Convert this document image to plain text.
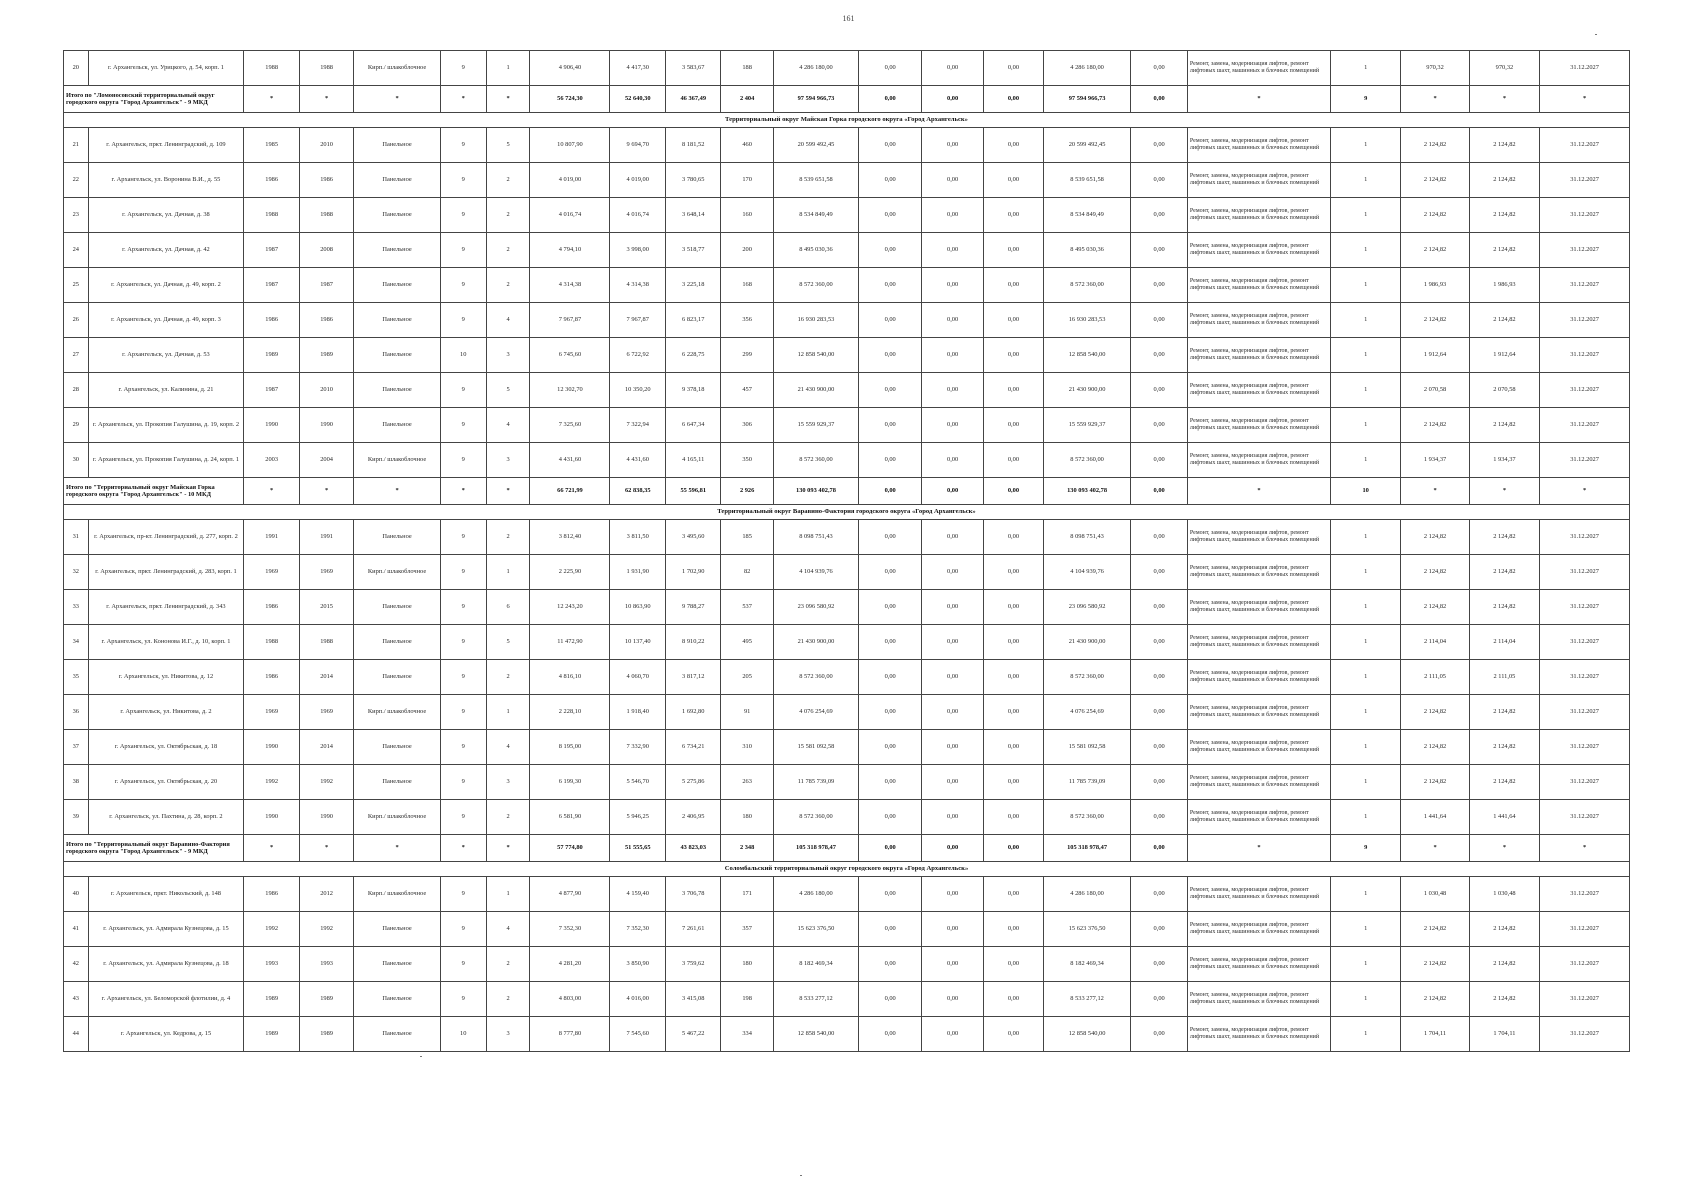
161
20	г. Архангельск, ул. Урицкого, д. 54, корп. 1	1988	1988	Кирп./ шлакоблочное	9	1	4 906,40	4 417,30	3 583,67	188	4 286 180,00	0,00	0,00	0,00	4 286 180,00	0,00	Ремонт, замена, модернизация лифтов, ремонт лифтовых шахт, машинных и блочных помещений	1	970,32	970,32	31.12.2027
Итого по "Ломоносовский территориальный округ городского округа "Город Архангельск" - 9 МКД		*	*	*	*	*	56 724,30	52 640,30	46 367,49	2 404	97 594 966,73	0,00	0,00	0,00	97 594 966,73	0,00	*	9	*	*	*
Территориальный округ Майская Горка городского округа «Город Архангельск»																					
21	г. Архангельск, пркт. Ленинградский, д. 109	1985	2010	Панельное	9	5	10 807,90	9 694,70	8 181,52	460	20 599 492,45	0,00	0,00	0,00	20 599 492,45	0,00	Ремонт, замена, модернизация лифтов, ремонт лифтовых шахт, машинных и блочных помещений	1	2 124,82	2 124,82	31.12.2027
22	г. Архангельск, ул. Воронина В.И., д. 55	1986	1986	Панельное	9	2	4 019,00	4 019,00	3 780,65	170	8 539 651,58	0,00	0,00	0,00	8 539 651,58	0,00	Ремонт, замена, модернизация лифтов, ремонт лифтовых шахт, машинных и блочных помещений	1	2 124,82	2 124,82	31.12.2027
23	г. Архангельск, ул. Дачная, д. 38	1988	1988	Панельное	9	2	4 016,74	4 016,74	3 648,14	160	8 534 849,49	0,00	0,00	0,00	8 534 849,49	0,00	Ремонт, замена, модернизация лифтов, ремонт лифтовых шахт, машинных и блочных помещений	1	2 124,82	2 124,82	31.12.2027
24	г. Архангельск, ул. Дачная, д. 42	1987	2008	Панельное	9	2	4 794,10	3 998,00	3 518,77	200	8 495 030,36	0,00	0,00	0,00	8 495 030,36	0,00	Ремонт, замена, модернизация лифтов, ремонт лифтовых шахт, машинных и блочных помещений	1	2 124,82	2 124,82	31.12.2027
25	г. Архангельск, ул. Дачная, д. 49, корп. 2	1987	1987	Панельное	9	2	4 314,38	4 314,38	3 225,18	168	8 572 360,00	0,00	0,00	0,00	8 572 360,00	0,00	Ремонт, замена, модернизация лифтов, ремонт лифтовых шахт, машинных и блочных помещений	1	1 986,93	1 986,93	31.12.2027
26	г. Архангельск, ул. Дачная, д. 49, корп. 3	1986	1986	Панельное	9	4	7 967,87	7 967,87	6 823,17	356	16 930 283,53	0,00	0,00	0,00	16 930 283,53	0,00	Ремонт, замена, модернизация лифтов, ремонт лифтовых шахт, машинных и блочных помещений	1	2 124,82	2 124,82	31.12.2027
27	г. Архангельск, ул. Дачная, д. 53	1989	1989	Панельное	10	3	6 745,60	6 722,92	6 228,75	299	12 858 540,00	0,00	0,00	0,00	12 858 540,00	0,00	Ремонт, замена, модернизация лифтов, ремонт лифтовых шахт, машинных и блочных помещений	1	1 912,64	1 912,64	31.12.2027
28	г. Архангельск, ул. Калинина, д. 21	1987	2010	Панельное	9	5	12 302,70	10 350,20	9 378,18	457	21 430 900,00	0,00	0,00	0,00	21 430 900,00	0,00	Ремонт, замена, модернизация лифтов, ремонт лифтовых шахт, машинных и блочных помещений	1	2 070,58	2 070,58	31.12.2027
29	г. Архангельск, ул. Прокопия Галушина, д. 19, корп. 2	1990	1990	Панельное	9	4	7 325,60	7 322,94	6 647,34	306	15 559 929,37	0,00	0,00	0,00	15 559 929,37	0,00	Ремонт, замена, модернизация лифтов, ремонт лифтовых шахт, машинных и блочных помещений	1	2 124,82	2 124,82	31.12.2027
30	г. Архангельск, ул. Прокопия Галушина, д. 24, корп. 1	2003	2004	Кирп./ шлакоблочное	9	3	4 431,60	4 431,60	4 165,11	350	8 572 360,00	0,00	0,00	0,00	8 572 360,00	0,00	Ремонт, замена, модернизация лифтов, ремонт лифтовых шахт, машинных и блочных помещений	1	1 934,37	1 934,37	31.12.2027
Итого по "Территориальный округ Майская Горка городского округа "Город Архангельск" - 10 МКД		*	*	*	*	*	66 721,99	62 838,35	55 596,81	2 926	130 093 402,78	0,00	0,00	0,00	130 093 402,78	0,00	*	10	*	*	*
Территориальный округ Варавино-Фактория городского округа «Город Архангельск»																					
31	г. Архангельск, пр-кт. Ленинградский, д. 277, корп. 2	1991	1991	Панельное	9	2	3 812,40	3 811,50	3 495,60	185	8 098 751,43	0,00	0,00	0,00	8 098 751,43	0,00	Ремонт, замена, модернизация лифтов, ремонт лифтовых шахт, машинных и блочных помещений	1	2 124,82	2 124,82	31.12.2027
32	г. Архангельск, пркт. Ленинградский, д. 283, корп. 1	1969	1969	Кирп./ шлакоблочное	9	1	2 225,90	1 931,90	1 702,90	82	4 104 939,76	0,00	0,00	0,00	4 104 939,76	0,00	Ремонт, замена, модернизация лифтов, ремонт лифтовых шахт, машинных и блочных помещений	1	2 124,82	2 124,82	31.12.2027
33	г. Архангельск, пркт. Ленинградский, д. 343	1986	2015	Панельное	9	6	12 243,20	10 863,90	9 788,27	537	23 096 580,92	0,00	0,00	0,00	23 096 580,92	0,00	Ремонт, замена, модернизация лифтов, ремонт лифтовых шахт, машинных и блочных помещений	1	2 124,82	2 124,82	31.12.2027
34	г. Архангельск, ул. Кононова И.Г., д. 10, корп. 1	1988	1988	Панельное	9	5	11 472,90	10 137,40	8 910,22	495	21 430 900,00	0,00	0,00	0,00	21 430 900,00	0,00	Ремонт, замена, модернизация лифтов, ремонт лифтовых шахт, машинных и блочных помещений	1	2 114,04	2 114,04	31.12.2027
35	г. Архангельск, ул. Никитова, д. 12	1986	2014	Панельное	9	2	4 816,10	4 060,70	3 817,12	205	8 572 360,00	0,00	0,00	0,00	8 572 360,00	0,00	Ремонт, замена, модернизация лифтов, ремонт лифтовых шахт, машинных и блочных помещений	1	2 111,05	2 111,05	31.12.2027
36	г. Архангельск, ул. Никитова, д. 2	1969	1969	Кирп./ шлакоблочное	9	1	2 228,10	1 918,40	1 692,80	91	4 076 254,69	0,00	0,00	0,00	4 076 254,69	0,00	Ремонт, замена, модернизация лифтов, ремонт лифтовых шахт, машинных и блочных помещений	1	2 124,82	2 124,82	31.12.2027
37	г. Архангельск, ул. Октябрьская, д. 18	1990	2014	Панельное	9	4	8 195,00	7 332,90	6 734,21	310	15 581 092,58	0,00	0,00	0,00	15 581 092,58	0,00	Ремонт, замена, модернизация лифтов, ремонт лифтовых шахт, машинных и блочных помещений	1	2 124,82	2 124,82	31.12.2027
38	г. Архангельск, ул. Октябрьская, д. 20	1992	1992	Панельное	9	3	6 199,30	5 546,70	5 275,86	263	11 785 739,09	0,00	0,00	0,00	11 785 739,09	0,00	Ремонт, замена, модернизация лифтов, ремонт лифтовых шахт, машинных и блочных помещений	1	2 124,82	2 124,82	31.12.2027
39	г. Архангельск, ул. Пахтина, д. 28, корп. 2	1990	1990	Кирп./ шлакоблочное	9	2	6 581,90	5 946,25	2 406,95	180	8 572 360,00	0,00	0,00	0,00	8 572 360,00	0,00	Ремонт, замена, модернизация лифтов, ремонт лифтовых шахт, машинных и блочных помещений	1	1 441,64	1 441,64	31.12.2027
Итого по "Территориальный округ Варавино-Фактория городского округа "Город Архангельск" - 9 МКД		*	*	*	*	*	57 774,80	51 555,65	43 823,03	2 348	105 318 978,47	0,00	0,00	0,00	105 318 978,47	0,00	*	9	*	*	*
Соломбальский территориальный округ городского округа «Город Архангельск»																					
40	г. Архангельск, пркт. Никольский, д. 148	1986	2012	Кирп./ шлакоблочное	9	1	4 877,90	4 159,40	3 706,78	171	4 286 180,00	0,00	0,00	0,00	4 286 180,00	0,00	Ремонт, замена, модернизация лифтов, ремонт лифтовых шахт, машинных и блочных помещений	1	1 030,48	1 030,48	31.12.2027
41	г. Архангельск, ул. Адмирала Кузнецова, д. 15	1992	1992	Панельное	9	4	7 352,30	7 352,30	7 261,61	357	15 623 376,50	0,00	0,00	0,00	15 623 376,50	0,00	Ремонт, замена, модернизация лифтов, ремонт лифтовых шахт, машинных и блочных помещений	1	2 124,82	2 124,82	31.12.2027
42	г. Архангельск, ул. Адмирала Кузнецова, д. 18	1993	1993	Панельное	9	2	4 281,20	3 850,90	3 759,62	180	8 182 469,34	0,00	0,00	0,00	8 182 469,34	0,00	Ремонт, замена, модернизация лифтов, ремонт лифтовых шахт, машинных и блочных помещений	1	2 124,82	2 124,82	31.12.2027
43	г. Архангельск, ул. Беломорской флотилии, д. 4	1989	1989	Панельное	9	2	4 803,00	4 016,00	3 415,08	198	8 533 277,12	0,00	0,00	0,00	8 533 277,12	0,00	Ремонт, замена, модернизация лифтов, ремонт лифтовых шахт, машинных и блочных помещений	1	2 124,82	2 124,82	31.12.2027
44	г. Архангельск, ул. Кедрова, д. 15	1989	1989	Панельное	10	3	8 777,80	7 545,60	5 467,22	334	12 858 540,00	0,00	0,00	0,00	12 858 540,00	0,00	Ремонт, замена, модернизация лифтов, ремонт лифтовых шахт, машинных и блочных помещений	1	1 704,11	1 704,11	31.12.2027
